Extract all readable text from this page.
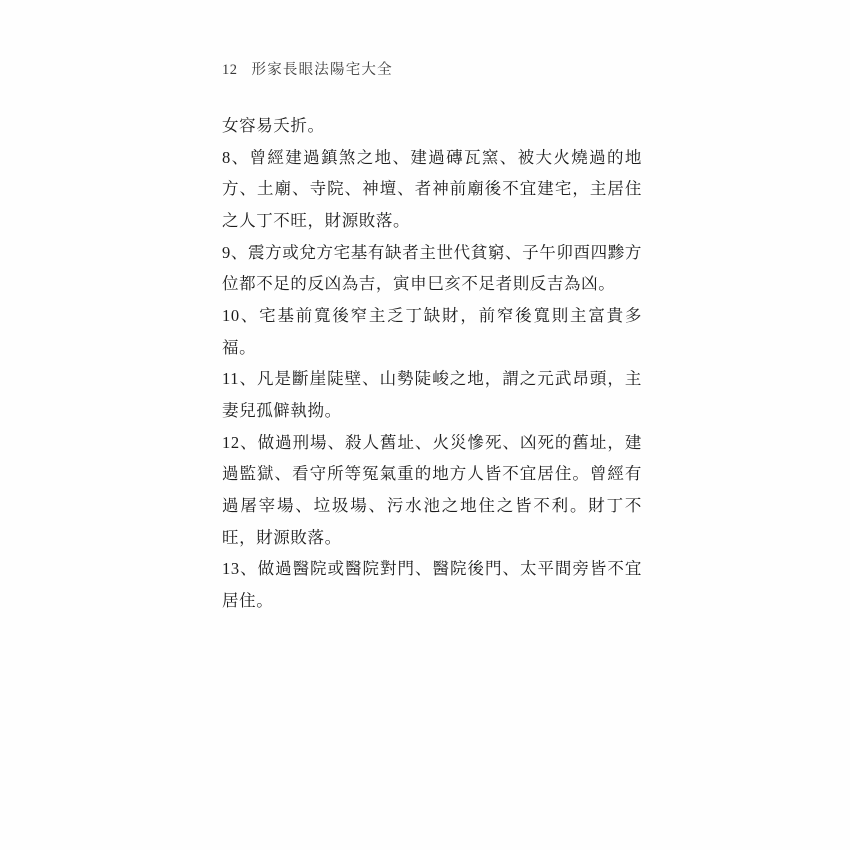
12 形家長眼法陽宅大全

女容易夭折。

8、曾經建過鎮煞之地、建過磚瓦窯、被大火燒過的地方、土廟、寺院、神壇、者神前廟後不宜建宅，主居住之人丁不旺，財源敗落。

9、震方或兌方宅基有缺者主世代貧窮、子午卯酉四黪方位都不足的反凶為吉，寅申巳亥不足者則反吉為凶。

10、宅基前寬後窄主乏丁缺財，前窄後寬則主富貴多福。

11、凡是斷崖陡壁、山勢陡峻之地，謂之元武昂頭，主妻兒孤僻執拗。

12、做過刑場、殺人舊址、火災慘死、凶死的舊址，建過監獄、看守所等冤氣重的地方人皆不宜居住。曾經有過屠宰場、垃圾場、污水池之地住之皆不利。財丁不旺，財源敗落。

13、做過醫院或醫院對門、醫院後門、太平間旁皆不宜居住。
